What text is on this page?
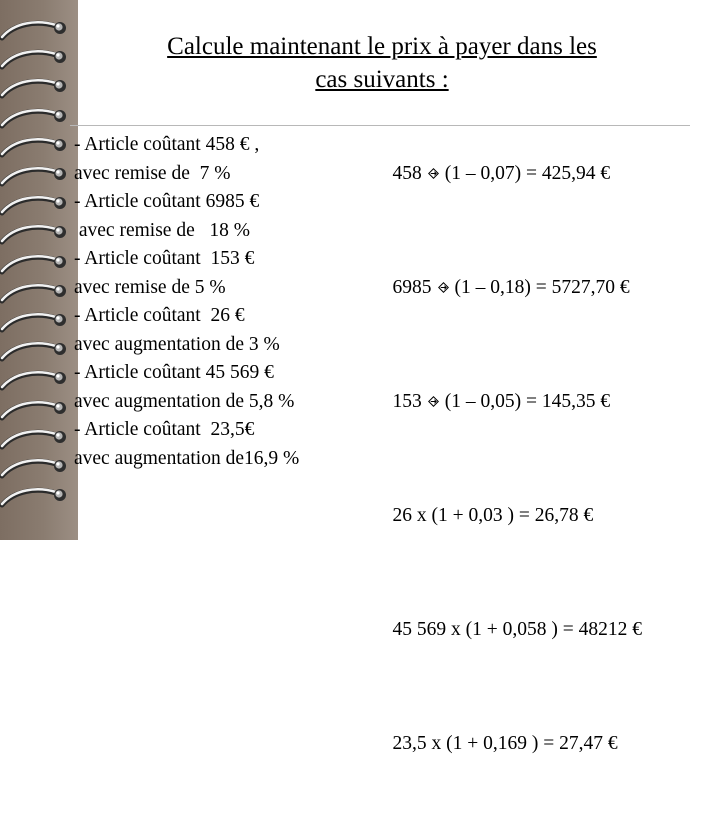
Calcule maintenant le prix à payer dans les
cas suivants :
- Article coûtant 458 € ,
avec remise de  7 %
- Article coûtant 6985 €
avec remise de   18 %
- Article coûtant  153 €
avec remise de 5 %
- Article coûtant  26 €
avec augmentation de 3 %
- Article coûtant 45 569 €
avec augmentation de 5,8 %
- Article coûtant  23,5€
avec augmentation de16,9 %

458 (1 – 0,07) = 425,94 €

6985 (1 – 0,18) = 5727,70 €

153 (1 – 0,05) = 145,35 €

26 x (1 + 0,03 ) = 26,78 €

45 569 x (1 + 0,058 ) = 48212 €

23,5 x (1 + 0,169 ) = 27,47 €
